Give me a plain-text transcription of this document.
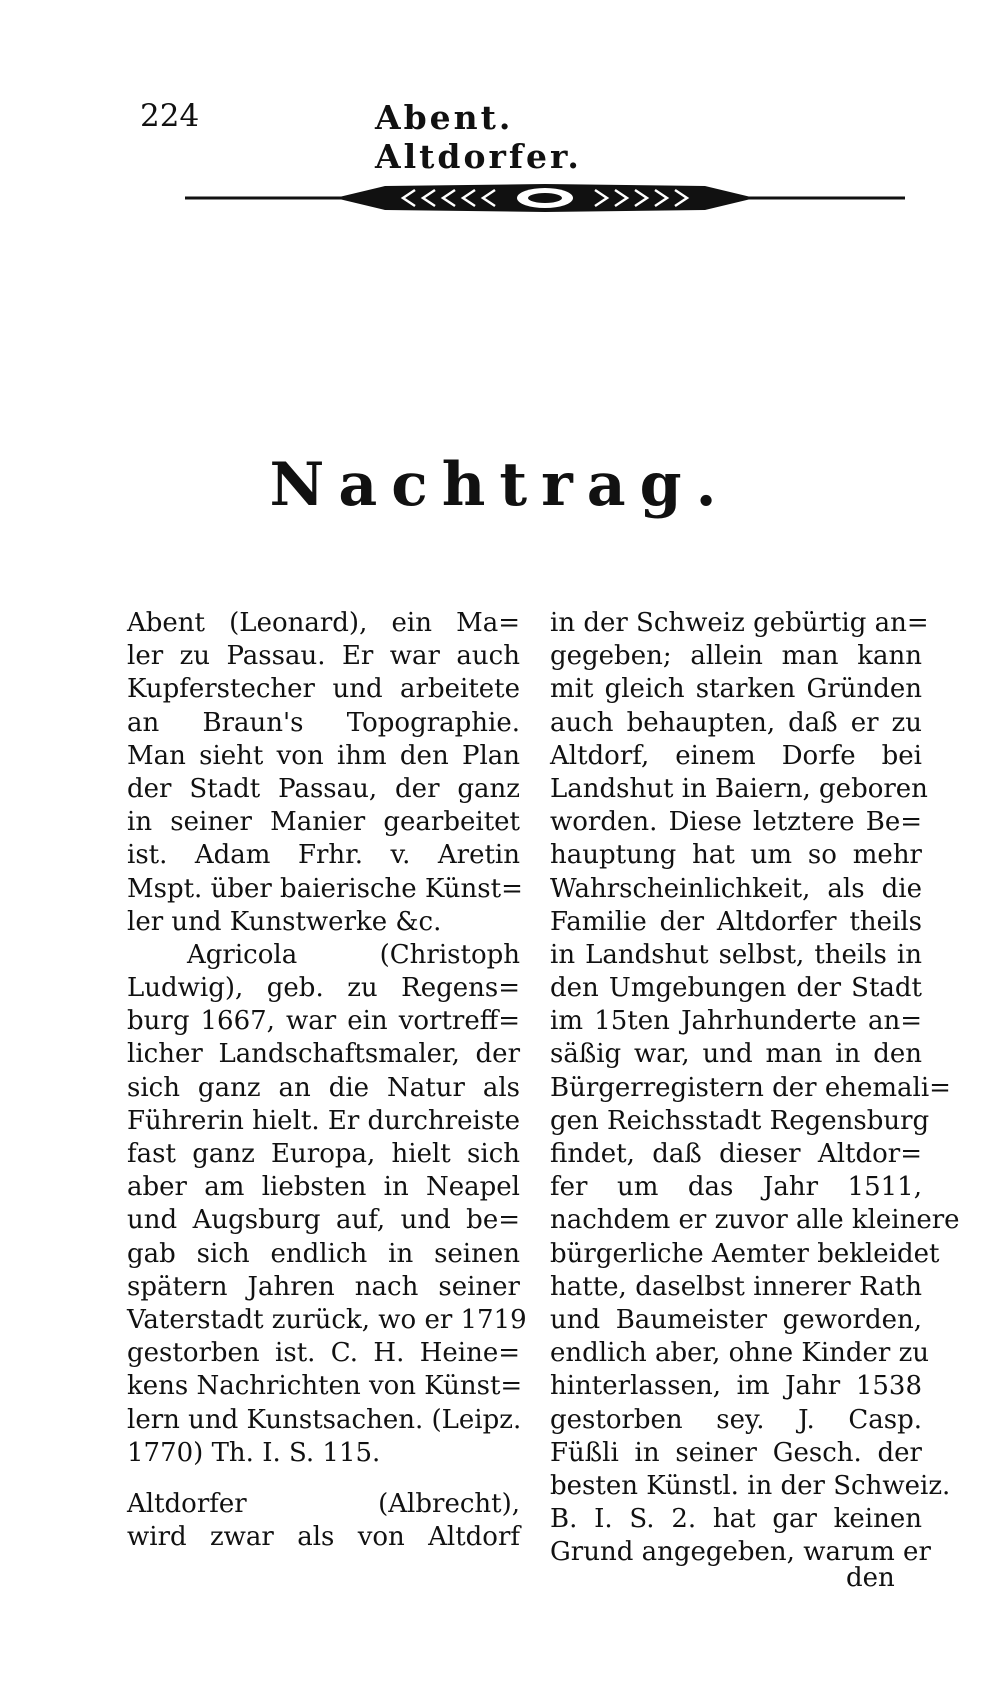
224	Abent. Altdorfer.
Nachtrag.
Abent (Leonard), ein Ma=
ler zu Passau. Er war auch
Kupferstecher und arbeitete
an Braun's Topographie.
Man sieht von ihm den Plan
der Stadt Passau, der ganz
in seiner Manier gearbeitet
ist. Adam Frhr. v. Aretin
Mspt. über baierische Künst=
ler und Kunstwerke &c.
Agricola (Christoph
Ludwig), geb. zu Regens=
burg 1667, war ein vortreff=
licher Landschaftsmaler, der
sich ganz an die Natur als
Führerin hielt. Er durchreiste
fast ganz Europa, hielt sich
aber am liebsten in Neapel
und Augsburg auf, und be=
gab sich endlich in seinen
spätern Jahren nach seiner
Vaterstadt zurück, wo er 1719
gestorben ist. C. H. Heine=
kens Nachrichten von Künst=
lern und Kunstsachen. (Leipz.
1770) Th. I. S. 115.
Altdorfer (Albrecht),
wird zwar als von Altdorf
in der Schweiz gebürtig an=
gegeben; allein man kann
mit gleich starken Gründen
auch behaupten, daß er zu
Altdorf, einem Dorfe bei
Landshut in Baiern, geboren
worden. Diese letztere Be=
hauptung hat um so mehr
Wahrscheinlichkeit, als die
Familie der Altdorfer theils
in Landshut selbst, theils in
den Umgebungen der Stadt
im 15ten Jahrhunderte an=
säßig war, und man in den
Bürgerregistern der ehemali=
gen Reichsstadt Regensburg
findet, daß dieser Altdor=
fer um das Jahr 1511,
nachdem er zuvor alle kleinere
bürgerliche Aemter bekleidet
hatte, daselbst innerer Rath
und Baumeister geworden,
endlich aber, ohne Kinder zu
hinterlassen, im Jahr 1538
gestorben sey. J. Casp.
Füßli in seiner Gesch. der
besten Künstl. in der Schweiz.
B. I. S. 2. hat gar keinen
Grund angegeben, warum er
den
